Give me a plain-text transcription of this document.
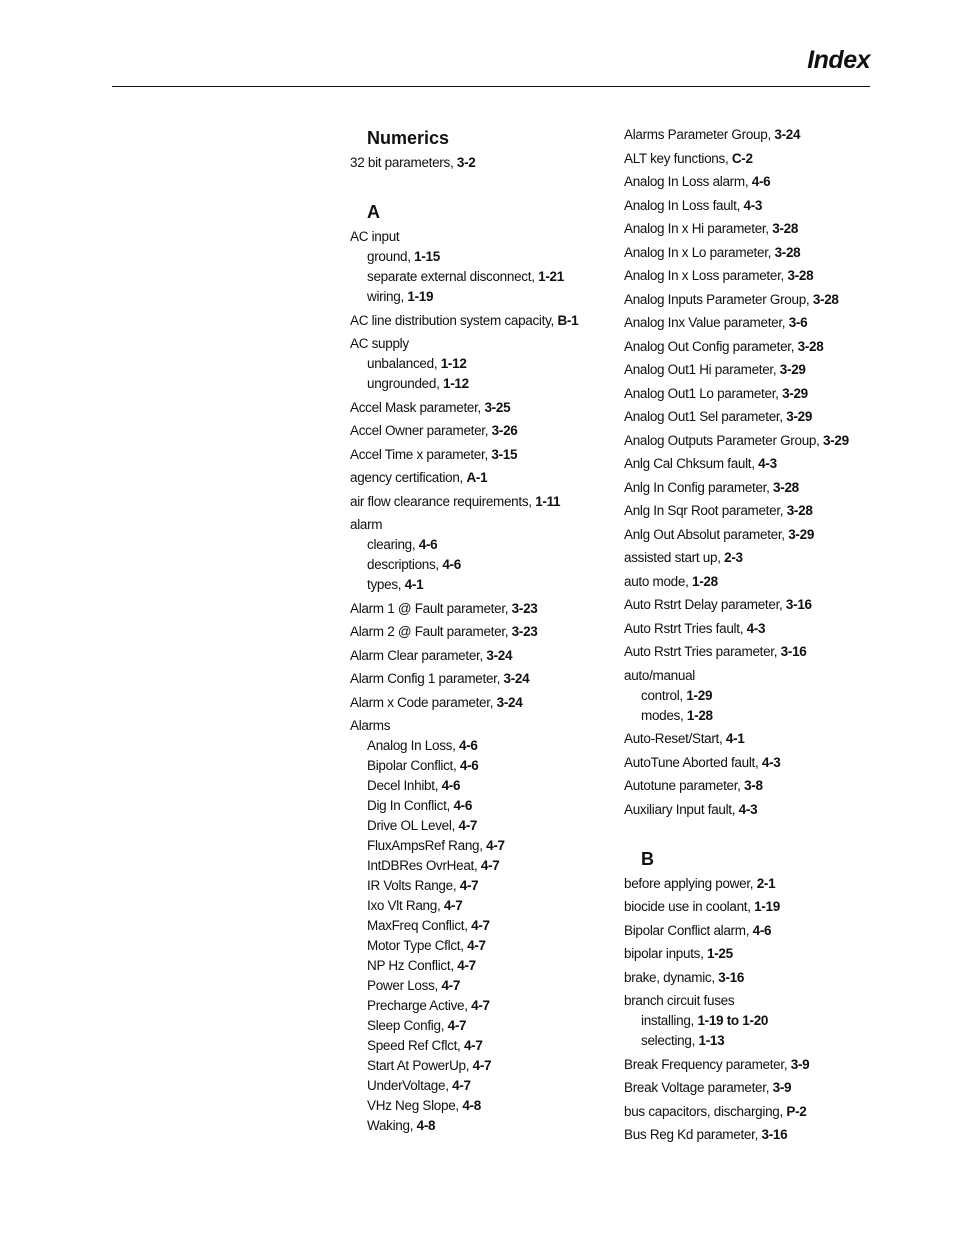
Index
Numerics
32 bit parameters, 3-2
A
AC input
ground, 1-15
separate external disconnect, 1-21
wiring, 1-19
AC line distribution system capacity, B-1
AC supply
unbalanced, 1-12
ungrounded, 1-12
Accel Mask parameter, 3-25
Accel Owner parameter, 3-26
Accel Time x parameter, 3-15
agency certification, A-1
air flow clearance requirements, 1-11
alarm
clearing, 4-6
descriptions, 4-6
types, 4-1
Alarm 1 @ Fault parameter, 3-23
Alarm 2 @ Fault parameter, 3-23
Alarm Clear parameter, 3-24
Alarm Config 1 parameter, 3-24
Alarm x Code parameter, 3-24
Alarms
Analog In Loss, 4-6
Bipolar Conflict, 4-6
Decel Inhibt, 4-6
Dig In Conflict, 4-6
Drive OL Level, 4-7
FluxAmpsRef Rang, 4-7
IntDBRes OvrHeat, 4-7
IR Volts Range, 4-7
Ixo Vlt Rang, 4-7
MaxFreq Conflict, 4-7
Motor Type Cflct, 4-7
NP Hz Conflict, 4-7
Power Loss, 4-7
Precharge Active, 4-7
Sleep Config, 4-7
Speed Ref Cflct, 4-7
Start At PowerUp, 4-7
UnderVoltage, 4-7
VHz Neg Slope, 4-8
Waking, 4-8
Alarms Parameter Group, 3-24
ALT key functions, C-2
Analog In Loss alarm, 4-6
Analog In Loss fault, 4-3
Analog In x Hi parameter, 3-28
Analog In x Lo parameter, 3-28
Analog In x Loss parameter, 3-28
Analog Inputs Parameter Group, 3-28
Analog Inx Value parameter, 3-6
Analog Out Config parameter, 3-28
Analog Out1 Hi parameter, 3-29
Analog Out1 Lo parameter, 3-29
Analog Out1 Sel parameter, 3-29
Analog Outputs Parameter Group, 3-29
Anlg Cal Chksum fault, 4-3
Anlg In Config parameter, 3-28
Anlg In Sqr Root parameter, 3-28
Anlg Out Absolut parameter, 3-29
assisted start up, 2-3
auto mode, 1-28
Auto Rstrt Delay parameter, 3-16
Auto Rstrt Tries fault, 4-3
Auto Rstrt Tries parameter, 3-16
auto/manual
control, 1-29
modes, 1-28
Auto-Reset/Start, 4-1
AutoTune Aborted fault, 4-3
Autotune parameter, 3-8
Auxiliary Input fault, 4-3
B
before applying power, 2-1
biocide use in coolant, 1-19
Bipolar Conflict alarm, 4-6
bipolar inputs, 1-25
brake, dynamic, 3-16
branch circuit fuses
installing, 1-19 to 1-20
selecting, 1-13
Break Frequency parameter, 3-9
Break Voltage parameter, 3-9
bus capacitors, discharging, P-2
Bus Reg Kd parameter, 3-16
